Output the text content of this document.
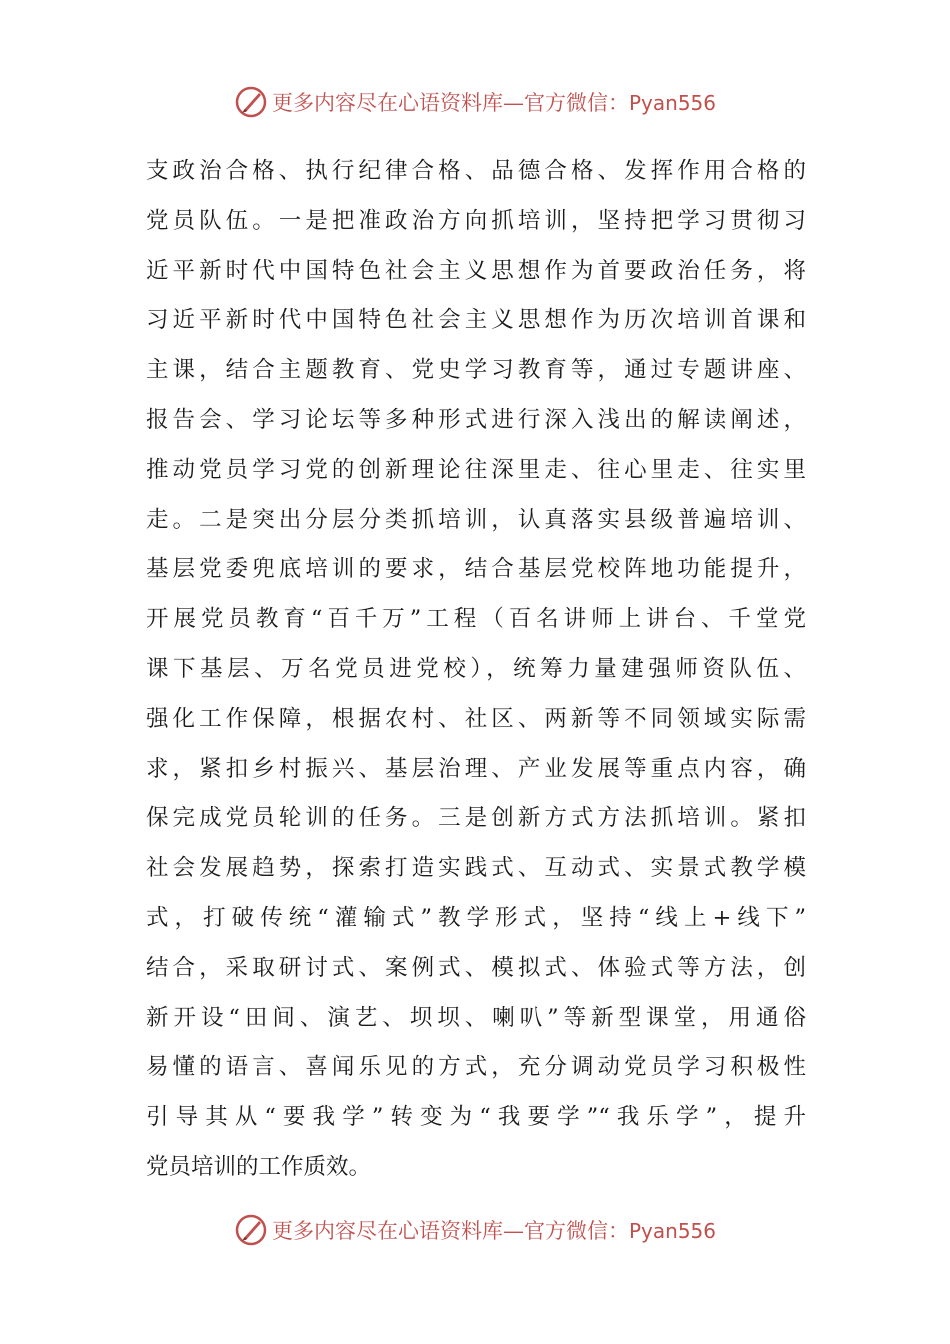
更多内容尽在心语资料库—官方微信：Pyan556
支政治合格、执行纪律合格、品德合格、发挥作用合格的
党员队伍。一是把准政治方向抓培训，坚持把学习贯彻习
近平新时代中国特色社会主义思想作为首要政治任务，将
习近平新时代中国特色社会主义思想作为历次培训首课和
主课，结合主题教育、党史学习教育等，通过专题讲座、
报告会、学习论坛等多种形式进行深入浅出的解读阐述，
推动党员学习党的创新理论往深里走、往心里走、往实里
走。二是突出分层分类抓培训，认真落实县级普遍培训、
基层党委兜底培训的要求，结合基层党校阵地功能提升，
开展党员教育“百千万”工程（百名讲师上讲台、千堂党
课下基层、万名党员进党校），统筹力量建强师资队伍、
强化工作保障，根据农村、社区、两新等不同领域实际需
求，紧扣乡村振兴、基层治理、产业发展等重点内容，确
保完成党员轮训的任务。三是创新方式方法抓培训。紧扣
社会发展趋势，探索打造实践式、互动式、实景式教学模
式，打破传统“灌输式”教学形式，坚持“线上+线下”
结合，采取研讨式、案例式、模拟式、体验式等方法，创
新开设“田间、演艺、坝坝、喇叭”等新型课堂，用通俗
易懂的语言、喜闻乐见的方式，充分调动党员学习积极性
引导其从“要我学”转变为“我要学”“我乐学”，提升
党员培训的工作质效。
更多内容尽在心语资料库—官方微信：Pyan556
